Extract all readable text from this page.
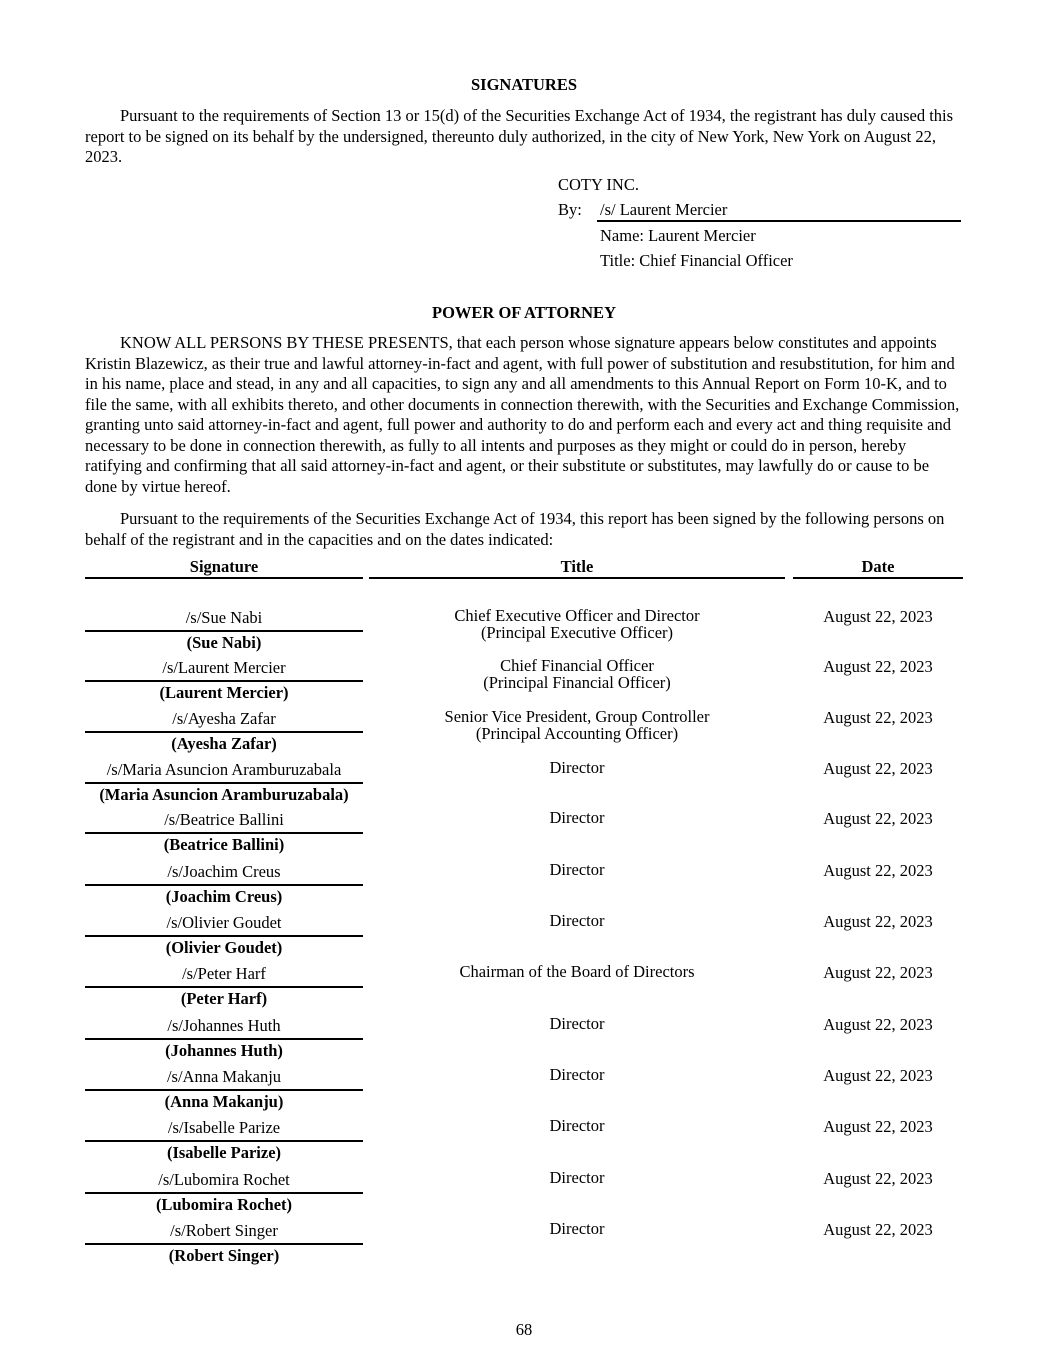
SIGNATURES
Pursuant to the requirements of Section 13 or 15(d) of the Securities Exchange Act of 1934, the registrant has duly caused this report to be signed on its behalf by the undersigned, thereunto duly authorized, in the city of New York, New York on August 22, 2023.
COTY INC.
By: /s/ Laurent Mercier
Name: Laurent Mercier
Title: Chief Financial Officer
POWER OF ATTORNEY
KNOW ALL PERSONS BY THESE PRESENTS, that each person whose signature appears below constitutes and appoints Kristin Blazewicz, as their true and lawful attorney-in-fact and agent, with full power of substitution and resubstitution, for him and in his name, place and stead, in any and all capacities, to sign any and all amendments to this Annual Report on Form 10-K, and to file the same, with all exhibits thereto, and other documents in connection therewith, with the Securities and Exchange Commission, granting unto said attorney-in-fact and agent, full power and authority to do and perform each and every act and thing requisite and necessary to be done in connection therewith, as fully to all intents and purposes as they might or could do in person, hereby ratifying and confirming that all said attorney-in-fact and agent, or their substitute or substitutes, may lawfully do or cause to be done by virtue hereof.
Pursuant to the requirements of the Securities Exchange Act of 1934, this report has been signed by the following persons on behalf of the registrant and in the capacities and on the dates indicated:
Signature	Title	Date
/s/Sue Nabi
(Sue Nabi)
Chief Executive Officer and Director
(Principal Executive Officer)
August 22, 2023
/s/Laurent Mercier
(Laurent Mercier)
Chief Financial Officer
(Principal Financial Officer)
August 22, 2023
/s/Ayesha Zafar
(Ayesha Zafar)
Senior Vice President, Group Controller
(Principal Accounting Officer)
August 22, 2023
/s/Maria Asuncion Aramburuzabala
(Maria Asuncion Aramburuzabala)
Director	August 22, 2023
/s/Beatrice Ballini
(Beatrice Ballini)
Director	August 22, 2023
/s/Joachim Creus
(Joachim Creus)
Director	August 22, 2023
/s/Olivier Goudet
(Olivier Goudet)
Director	August 22, 2023
/s/Peter Harf
(Peter Harf)
Chairman of the Board of Directors	August 22, 2023
/s/Johannes Huth
(Johannes Huth)
Director	August 22, 2023
/s/Anna Makanju
(Anna Makanju)
Director	August 22, 2023
/s/Isabelle Parize
(Isabelle Parize)
Director	August 22, 2023
/s/Lubomira Rochet
(Lubomira Rochet)
Director	August 22, 2023
/s/Robert Singer
(Robert Singer)
Director	August 22, 2023
68
